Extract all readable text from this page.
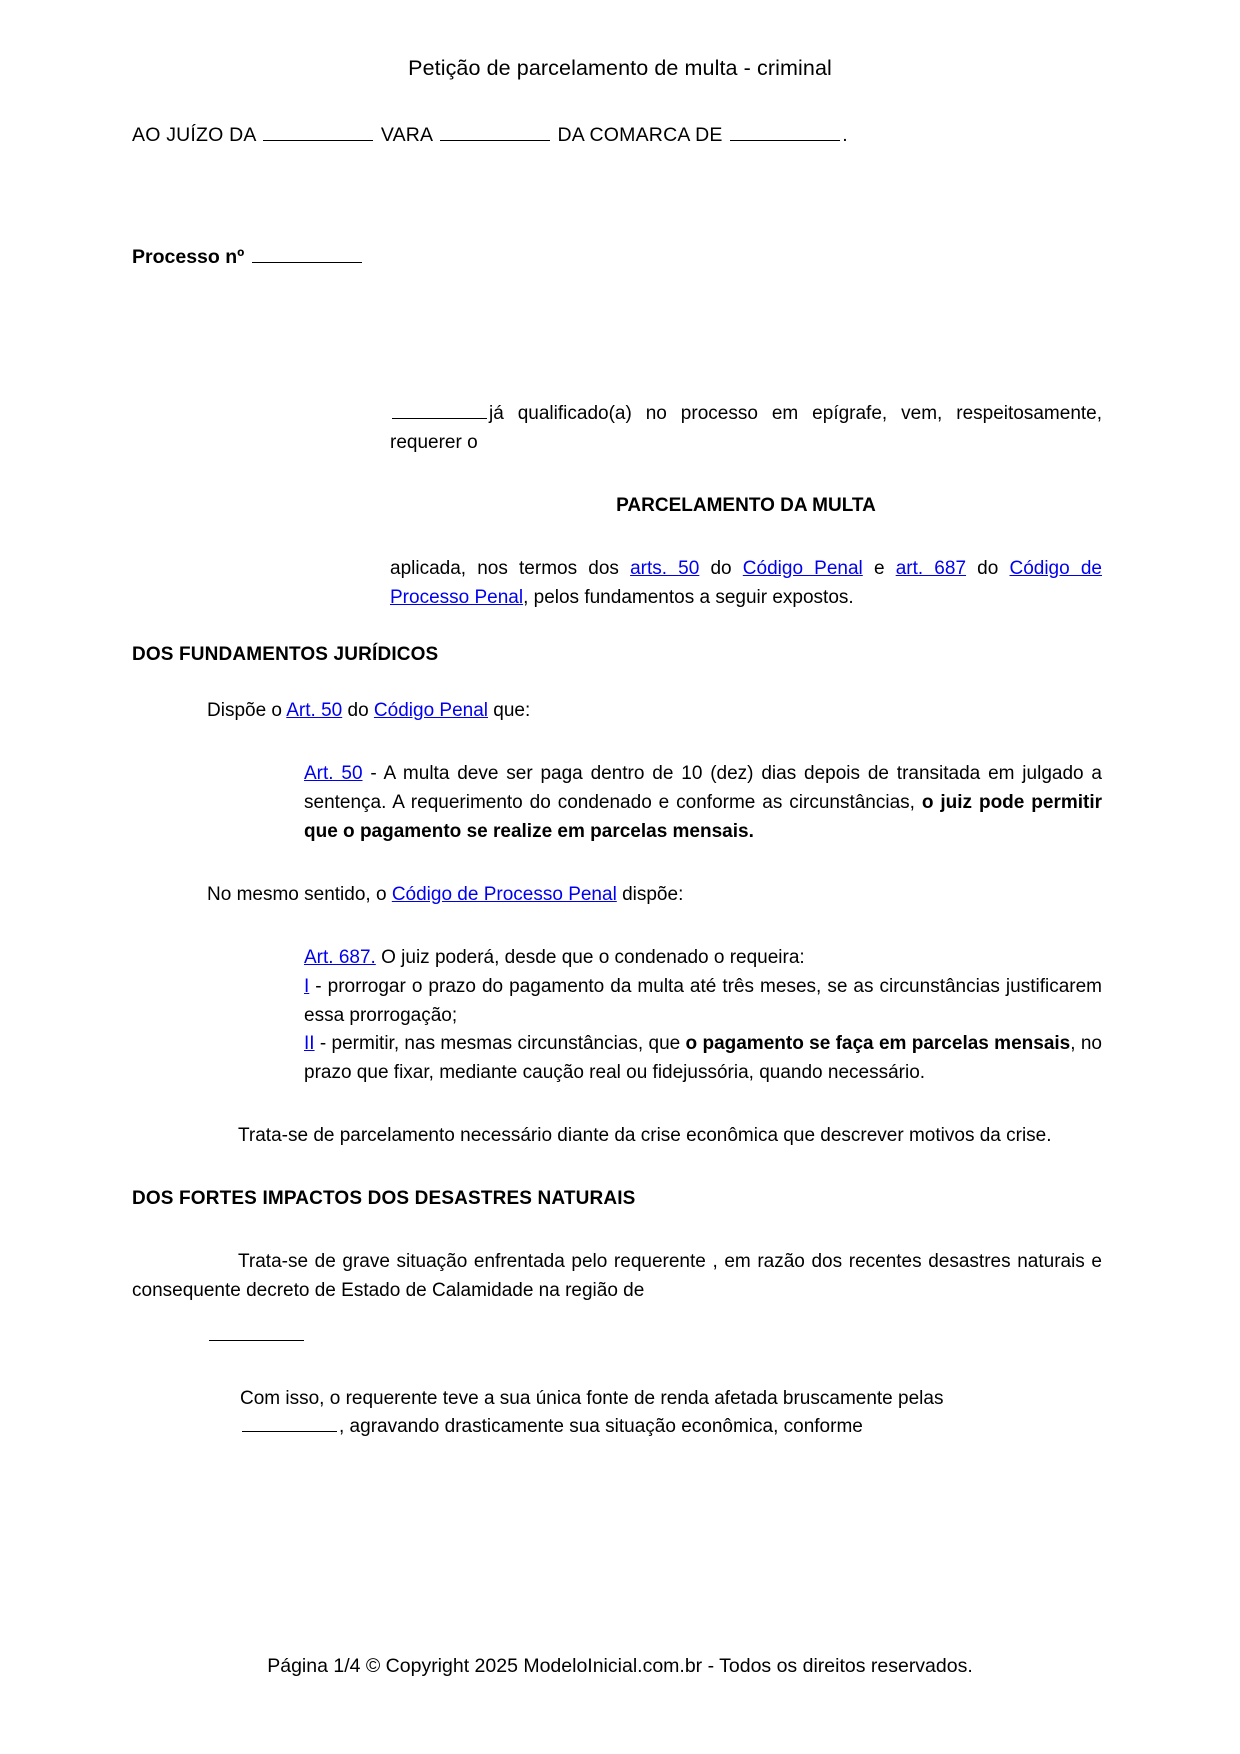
Petição de parcelamento de multa - criminal

AO JUÍZO DA	VARA	DA COMARCA DE	.

Processo nº

já qualificado(a) no processo em epígrafe, vem, respeitosamente, requerer o

PARCELAMENTO DA MULTA

aplicada, nos termos dos arts. 50 do Código Penal e art. 687 do Código de Processo Penal, pelos fundamentos a seguir expostos.

DOS FUNDAMENTOS JURÍDICOS

Dispõe o Art. 50 do Código Penal que:

Art. 50 - A multa deve ser paga dentro de 10 (dez) dias depois de transitada em julgado a sentença. A requerimento do condenado e conforme as circunstâncias, o juiz pode permitir que o pagamento se realize em parcelas mensais.

No mesmo sentido, o Código de Processo Penal dispõe:

Art. 687. O juiz poderá, desde que o condenado o requeira:

I - prorrogar o prazo do pagamento da multa até três meses, se as circunstâncias justificarem essa prorrogação;

II - permitir, nas mesmas circunstâncias, que o pagamento se faça em parcelas mensais, no prazo que fixar, mediante caução real ou fidejussória, quando necessário.

Trata-se de parcelamento necessário diante da crise econômica que descrever motivos da crise.

DOS FORTES IMPACTOS DOS DESASTRES NATURAIS

Trata-se de grave situação enfrentada pelo requerente , em razão dos recentes desastres naturais e consequente decreto de Estado de Calamidade na região de

Com isso, o requerente teve a sua única fonte de renda afetada bruscamente pelas

, agravando drasticamente sua situação econômica, conforme

Página 1/4 © Copyright 2025 ModeloInicial.com.br - Todos os direitos reservados.
